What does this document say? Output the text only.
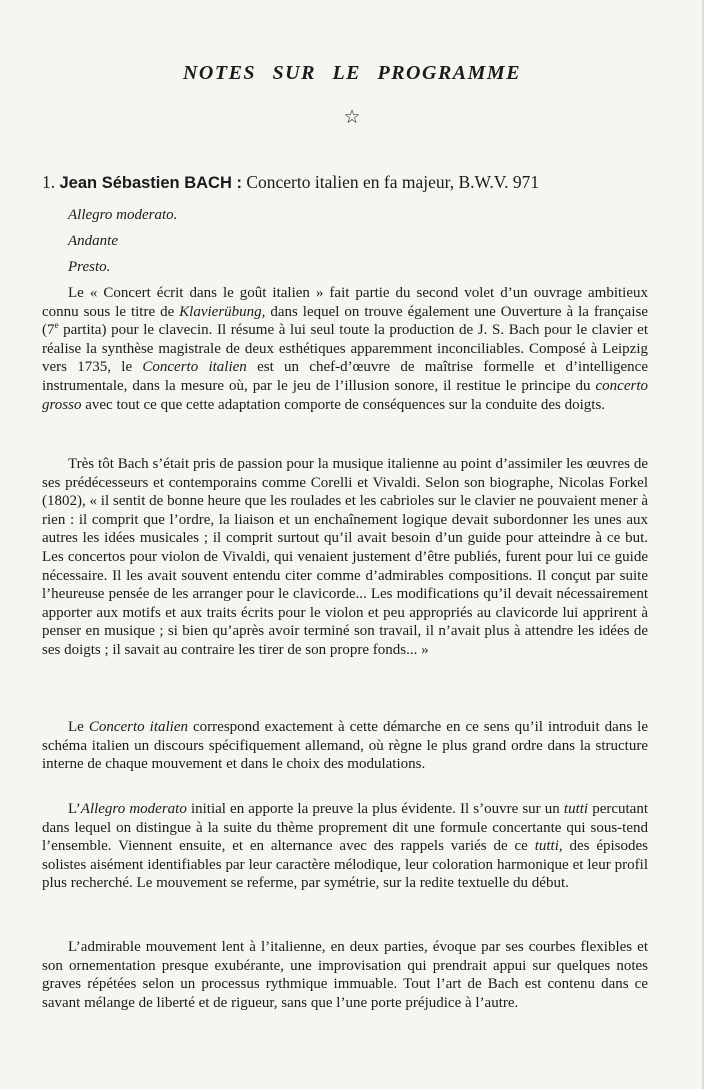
NOTES SUR LE PROGRAMME
☆
1. Jean Sébastien BACH : Concerto italien en fa majeur, B.W.V. 971
Allegro moderato.
Andante
Presto.

Le « Concert écrit dans le goût italien » fait partie du second volet d’un ouvrage ambitieux connu sous le titre de Klavierübung, dans lequel on trouve également une Ouverture à la française (7e partita) pour le clavecin. Il résume à lui seul toute la production de J. S. Bach pour le clavier et réalise la synthèse magistrale de deux esthétiques apparemment inconciliables. Composé à Leipzig vers 1735, le Concerto italien est un chef-d’œuvre de maîtrise formelle et d’intelligence instrumentale, dans la mesure où, par le jeu de l’illusion sonore, il restitue le principe du concerto grosso avec tout ce que cette adaptation comporte de conséquences sur la conduite des doigts.

Très tôt Bach s’était pris de passion pour la musique italienne au point d’assimiler les œuvres de ses prédécesseurs et contemporains comme Corelli et Vivaldi. Selon son biographe, Nicolas Forkel (1802), « il sentit de bonne heure que les roulades et les cabrioles sur le clavier ne pouvaient mener à rien : il comprit que l’ordre, la liaison et un enchaînement logique devait subordonner les unes aux autres les idées musicales ; il comprit surtout qu’il avait besoin d’un guide pour atteindre à ce but. Les concertos pour violon de Vivaldi, qui venaient justement d’être publiés, furent pour lui ce guide nécessaire. Il les avait souvent entendu citer comme d’admirables compositions. Il conçut par suite l’heureuse pensée de les arranger pour le clavicorde... Les modifications qu’il devait nécessairement apporter aux motifs et aux traits écrits pour le violon et peu appropriés au clavicorde lui apprirent à penser en musique ; si bien qu’après avoir terminé son travail, il n’avait plus à attendre les idées de ses doigts ; il savait au contraire les tirer de son propre fonds... »

Le Concerto italien correspond exactement à cette démarche en ce sens qu’il introduit dans le schéma italien un discours spécifiquement allemand, où règne le plus grand ordre dans la structure interne de chaque mouvement et dans le choix des modulations.

L’Allegro moderato initial en apporte la preuve la plus évidente. Il s’ouvre sur un tutti percutant dans lequel on distingue à la suite du thème proprement dit une formule concertante qui sous-tend l’ensemble. Viennent ensuite, et en alternance avec des rappels variés de ce tutti, des épisodes solistes aisément identifiables par leur caractère mélodique, leur coloration harmonique et leur profil plus recherché. Le mouvement se referme, par symétrie, sur la redite textuelle du début.

L’admirable mouvement lent à l’italienne, en deux parties, évoque par ses courbes flexibles et son ornementation presque exubérante, une improvisation qui prendrait appui sur quelques notes graves répétées selon un processus rythmique immuable. Tout l’art de Bach est contenu dans ce savant mélange de liberté et de rigueur, sans que l’une porte préjudice à l’autre.
